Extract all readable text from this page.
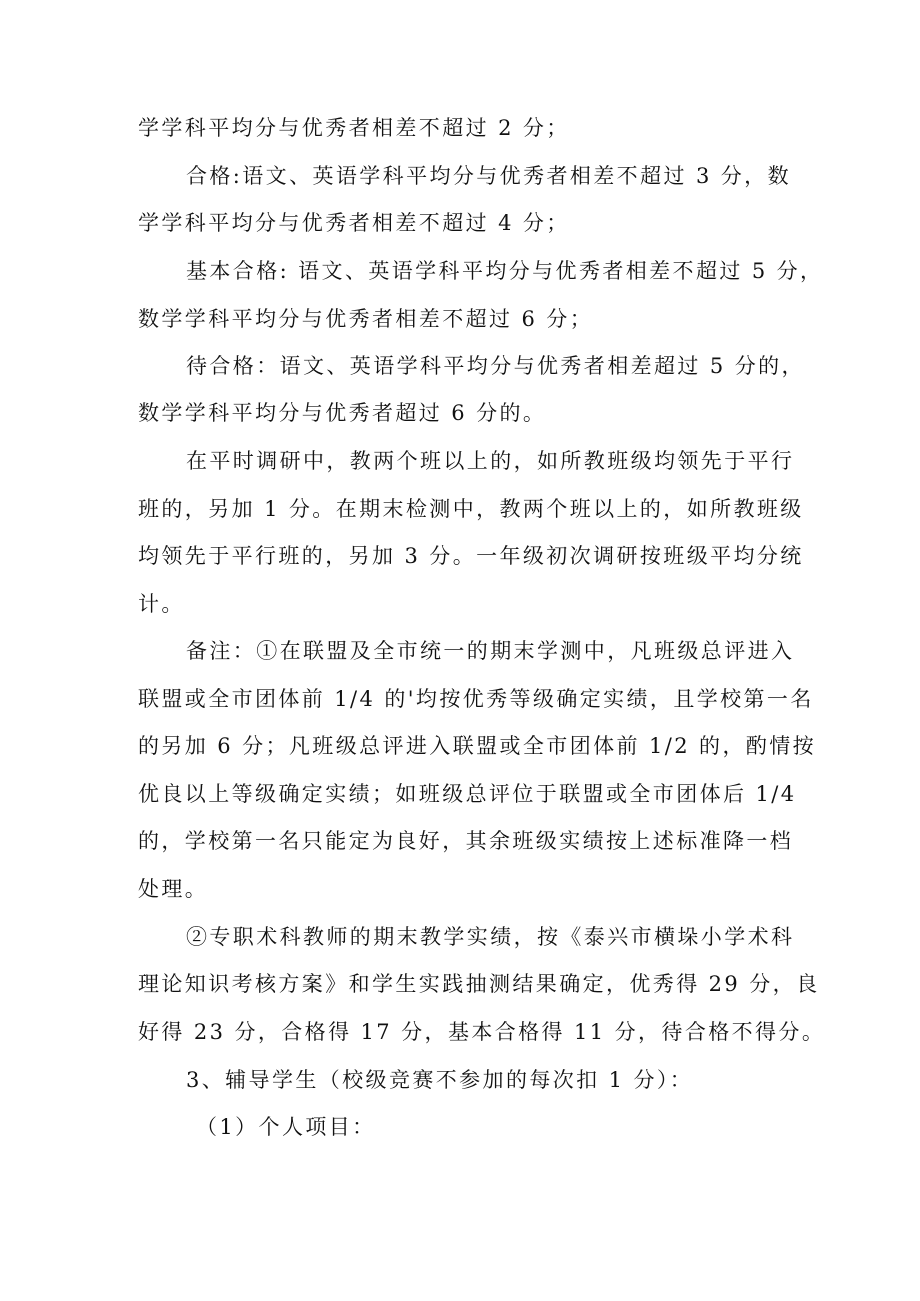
学学科平均分与优秀者相差不超过 2 分；
合格:语文、英语学科平均分与优秀者相差不超过 3 分，数
学学科平均分与优秀者相差不超过 4 分；
基本合格: 语文、英语学科平均分与优秀者相差不超过 5 分，
数学学科平均分与优秀者相差不超过 6 分；
待合格：语文、英语学科平均分与优秀者相差超过 5 分的，
数学学科平均分与优秀者超过 6 分的。
在平时调研中，教两个班以上的，如所教班级均领先于平行
班的，另加 1 分。在期末检测中，教两个班以上的，如所教班级
均领先于平行班的，另加 3 分。一年级初次调研按班级平均分统
计。
备注：①在联盟及全市统一的期末学测中，凡班级总评进入
联盟或全市团体前 1/4 的'均按优秀等级确定实绩，且学校第一名
的另加 6 分；凡班级总评进入联盟或全市团体前 1/2 的，酌情按
优良以上等级确定实绩；如班级总评位于联盟或全市团体后 1/4
的，学校第一名只能定为良好，其余班级实绩按上述标准降一档
处理。
②专职术科教师的期末教学实绩，按《泰兴市横垛小学术科
理论知识考核方案》和学生实践抽测结果确定，优秀得 29 分，良
好得 23 分，合格得 17 分，基本合格得 11 分，待合格不得分。
3、辅导学生（校级竞赛不参加的每次扣 1 分）：
（1）个人项目：
